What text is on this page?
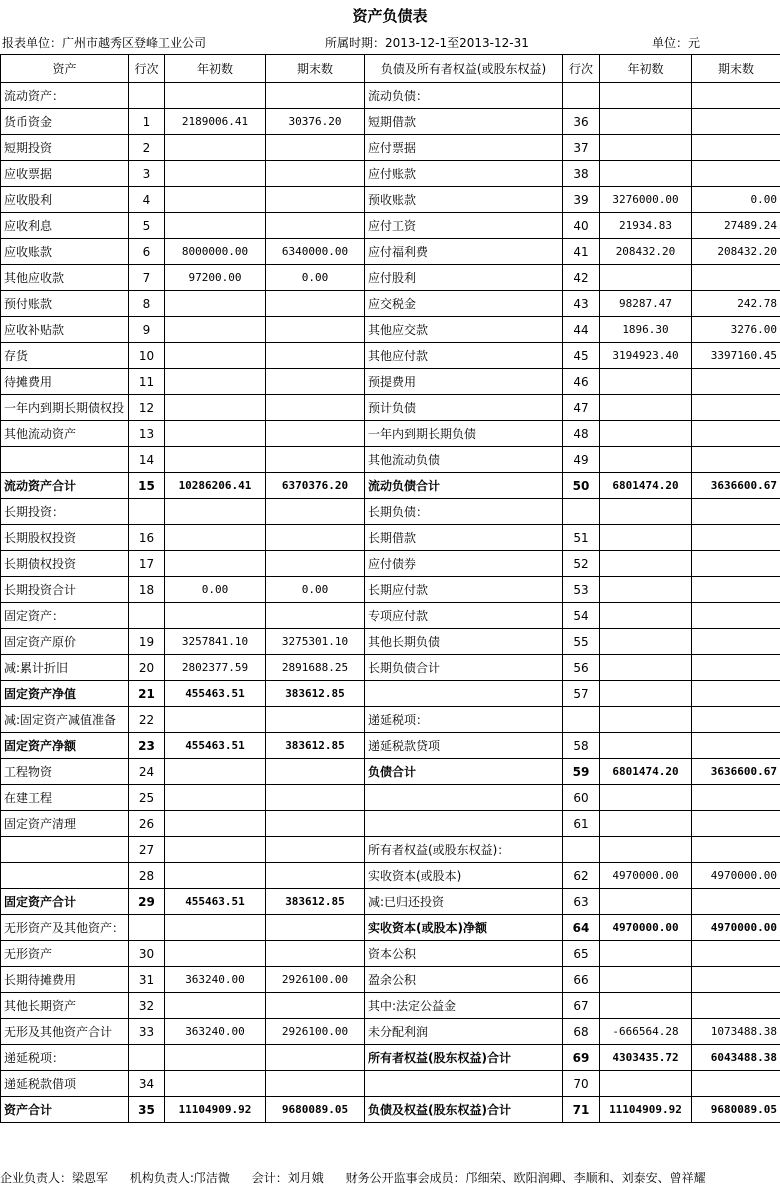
资产负债表
报表单位：广州市越秀区登峰工业公司	所属时期：2013-12-1至2013-12-31	单位：元
资产	行次	年初数	期末数	负债及所有者权益(或股东权益)	行次	年初数	期末数
流动资产：				流动负债：			
货币资金	1	2189006.41	30376.20	短期借款	36		
短期投资	2			应付票据	37		
应收票据	3			应付账款	38		
应收股利	4			预收账款	39	3276000.00	0.00
应收利息	5			应付工资	40	21934.83	27489.24
应收账款	6	8000000.00	6340000.00	应付福利费	41	208432.20	208432.20
其他应收款	7	97200.00	0.00	应付股利	42		
预付账款	8			应交税金	43	98287.47	242.78
应收补贴款	9			其他应交款	44	1896.30	3276.00
存货	10			其他应付款	45	3194923.40	3397160.45
待摊费用	11			预提费用	46		
一年内到期长期债权投	12			预计负债	47		
其他流动资产	13			一年内到期长期负债	48		
	14			其他流动负债	49		
流动资产合计	15	10286206.41	6370376.20	流动负债合计	50	6801474.20	3636600.67
长期投资：				长期负债：			
长期股权投资	16			长期借款	51		
长期债权投资	17			应付债券	52		
长期投资合计	18	0.00	0.00	长期应付款	53		
固定资产：				专项应付款	54		
固定资产原价	19	3257841.10	3275301.10	其他长期负债	55		
减:累计折旧	20	2802377.59	2891688.25	长期负债合计	56		
固定资产净值	21	455463.51	383612.85		57		
减:固定资产减值准备	22			递延税项：			
固定资产净额	23	455463.51	383612.85	递延税款贷项	58		
工程物资	24			负债合计	59	6801474.20	3636600.67
在建工程	25				60		
固定资产清理	26				61		
	27			所有者权益(或股东权益)：			
	28			实收资本(或股本)	62	4970000.00	4970000.00
固定资产合计	29	455463.51	383612.85	减:已归还投资	63		
无形资产及其他资产：				实收资本(或股本)净额	64	4970000.00	4970000.00
无形资产	30			资本公积	65		
长期待摊费用	31	363240.00	2926100.00	盈余公积	66		
其他长期资产	32			其中:法定公益金	67		
无形及其他资产合计	33	363240.00	2926100.00	未分配利润	68	-666564.28	1073488.38
递延税项：				所有者权益(股东权益)合计	69	4303435.72	6043488.38
递延税款借项	34				70		
资产合计	35	11104909.92	9680089.05	负债及权益(股东权益)合计	71	11104909.92	9680089.05
企业负责人：梁恩军 机构负责人:邝洁微 会计：刘月娥 财务公开监事会成员：邝细荣、欧阳润卿、李顺和、刘泰安、曾祥耀
